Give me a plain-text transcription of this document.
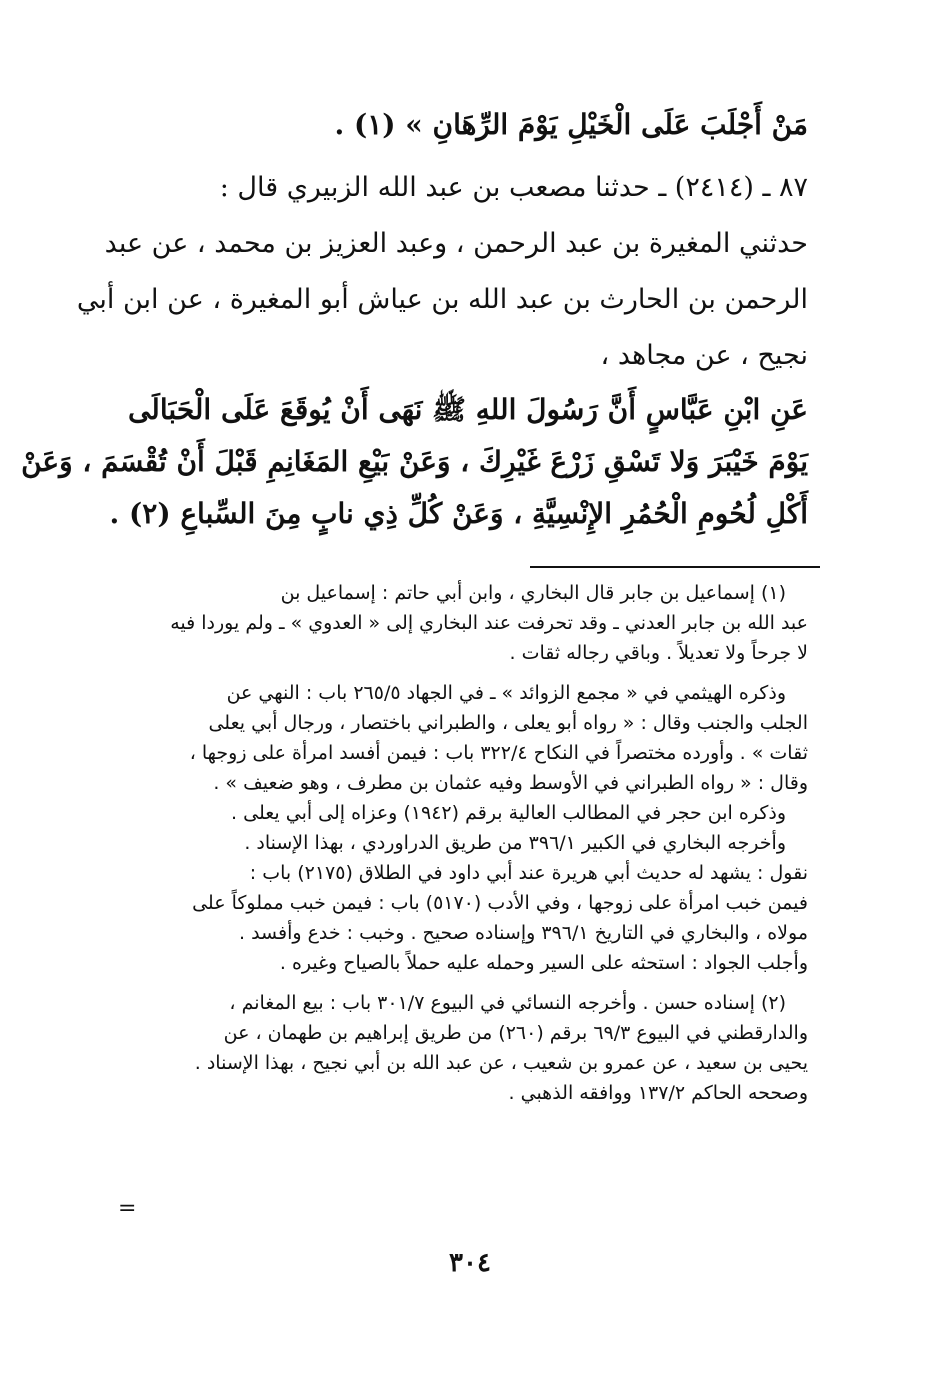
مَنْ أَجْلَبَ عَلَى الْخَيْلِ يَوْمَ الرِّهَانِ » (١) .
٨٧ ـ (٢٤١٤) ـ حدثنا مصعب بن عبد الله الزبيري قال :
حدثني المغيرة بن عبد الرحمن ، وعبد العزيز بن محمد ، عن عبد
الرحمن بن الحارث بن عبد الله بن عياش أبو المغيرة ، عن ابن أبي
نجيح ، عن مجاهد ،
عَنِ ابْنِ عَبَّاسٍ أَنَّ رَسُولَ اللهِ ﷺ نَهَى أَنْ يُوقَعَ عَلَى الْحَبَالَى
يَوْمَ خَيْبَرَ وَلا تَسْقِ زَرْعَ غَيْرِكَ ، وَعَنْ بَيْعِ المَغَانِمِ قَبْلَ أَنْ تُقْسَمَ ، وَعَنْ
أَكْلِ لُحُومِ الْحُمُرِ الإِنْسِيَّةِ ، وَعَنْ كُلِّ ذِي نابٍ مِنَ السِّباعِ (٢) .
(١) إسماعيل بن جابر قال البخاري ، وابن أبي حاتم : إسماعيل بن
عبد الله بن جابر العدني ـ وقد تحرفت عند البخاري إلى « العدوي » ـ ولم يوردا فيه
لا جرحاً ولا تعديلاً . وباقي رجاله ثقات .
وذكره الهيثمي في « مجمع الزوائد » ـ في الجهاد ٢٦٥/٥ باب : النهي عن
الجلب والجنب وقال : « رواه أبو يعلى ، والطبراني باختصار ، ورجال أبي يعلى
ثقات » . وأورده مختصراً في النكاح ٣٢٢/٤ باب : فيمن أفسد امرأة على زوجها ،
وقال : « رواه الطبراني في الأوسط وفيه عثمان بن مطرف ، وهو ضعيف » .
وذكره ابن حجر في المطالب العالية برقم (١٩٤٢) وعزاه إلى أبي يعلى .
وأخرجه البخاري في الكبير ٣٩٦/١ من طريق الدراوردي ، بهذا الإسناد .
نقول : يشهد له حديث أبي هريرة عند أبي داود في الطلاق (٢١٧٥) باب :
فيمن خبب امرأة على زوجها ، وفي الأدب (٥١٧٠) باب : فيمن خبب مملوكاً على
مولاه ، والبخاري في التاريخ ٣٩٦/١ وإسناده صحيح . وخبب : خدع وأفسد .
وأجلب الجواد : استحثه على السير وحمله عليه حملاً بالصياح وغيره .
(٢) إسناده حسن . وأخرجه النسائي في البيوع ٣٠١/٧ باب : بيع المغانم ،
والدارقطني في البيوع ٦٩/٣ برقم (٢٦٠) من طريق إبراهيم بن طهمان ، عن
يحيى بن سعيد ، عن عمرو بن شعيب ، عن عبد الله بن أبي نجيح ، بهذا الإسناد .
وصححه الحاكم ١٣٧/٢ ووافقه الذهبي .
=
٣٠٤
